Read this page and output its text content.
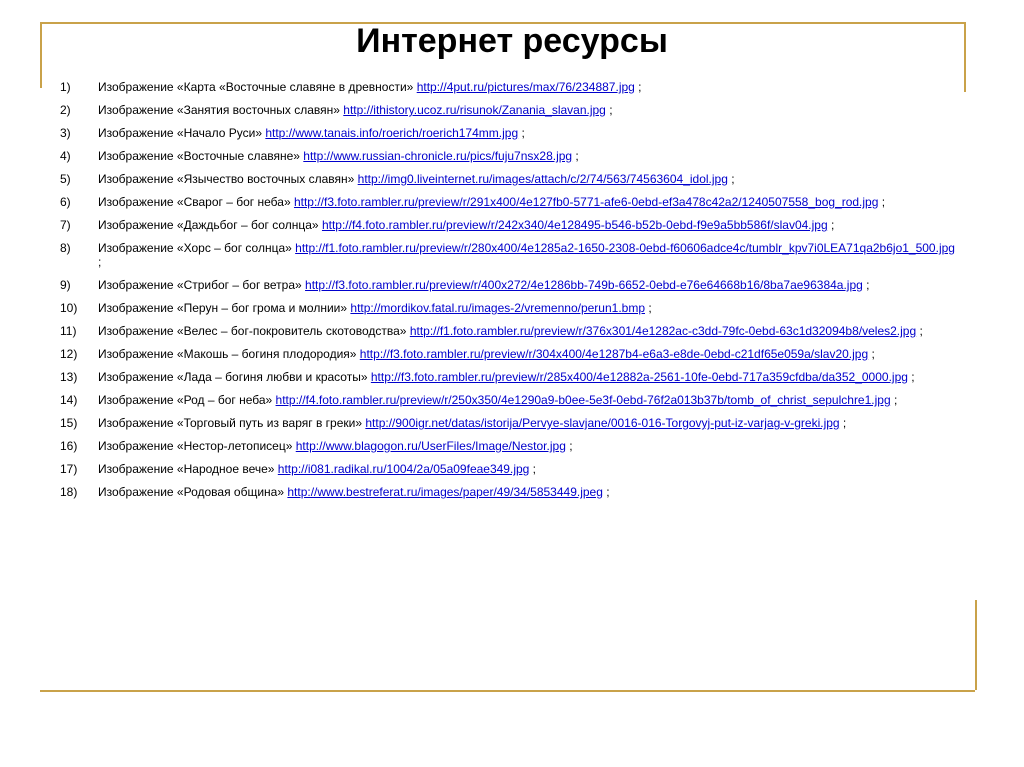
Интернет ресурсы
1) Изображение «Карта «Восточные славяне в древности» http://4put.ru/pictures/max/76/234887.jpg ;
2) Изображение «Занятия восточных славян» http://ithistory.ucoz.ru/risunok/Zanania_slavan.jpg ;
3) Изображение «Начало Руси» http://www.tanais.info/roerich/roerich174mm.jpg ;
4) Изображение «Восточные славяне» http://www.russian-chronicle.ru/pics/fuju7nsx28.jpg ;
5) Изображение «Язычество восточных славян» http://img0.liveinternet.ru/images/attach/c/2/74/563/74563604_idol.jpg ;
6) Изображение «Сварог – бог неба» http://f3.foto.rambler.ru/preview/r/291x400/4e127fb0-5771-afe6-0ebd-ef3a478c42a2/1240507558_bog_rod.jpg ;
7) Изображение «Даждьбог – бог солнца» http://f4.foto.rambler.ru/preview/r/242x340/4e128495-b546-b52b-0ebd-f9e9a5bb586f/slav04.jpg ;
8) Изображение «Хорс – бог солнца» http://f1.foto.rambler.ru/preview/r/280x400/4e1285a2-1650-2308-0ebd-f60606adce4c/tumblr_kpv7i0LEA71qa2b6jo1_500.jpg ;
9) Изображение «Стрибог – бог ветра» http://f3.foto.rambler.ru/preview/r/400x272/4e1286bb-749b-6652-0ebd-e76e64668b16/8ba7ae96384a.jpg ;
10) Изображение «Перун – бог грома и молнии» http://mordikov.fatal.ru/images-2/vremenno/perun1.bmp ;
11) Изображение «Велес – бог-покровитель скотоводства» http://f1.foto.rambler.ru/preview/r/376x301/4e1282ac-c3dd-79fc-0ebd-63c1d32094b8/veles2.jpg ;
12) Изображение «Макошь – богиня плодородия» http://f3.foto.rambler.ru/preview/r/304x400/4e1287b4-e6a3-e8de-0ebd-c21df65e059a/slav20.jpg ;
13) Изображение «Лада – богиня любви и красоты» http://f3.foto.rambler.ru/preview/r/285x400/4e12882a-2561-10fe-0ebd-717a359cfdba/da352_0000.jpg ;
14) Изображение «Род – бог неба» http://f4.foto.rambler.ru/preview/r/250x350/4e1290a9-b0ee-5e3f-0ebd-76f2a013b37b/tomb_of_christ_sepulchre1.jpg ;
15) Изображение «Торговый путь из варяг в греки» http://900igr.net/datas/istorija/Pervye-slavjane/0016-016-Torgovyj-put-iz-varjag-v-greki.jpg ;
16) Изображение «Нестор-летописец» http://www.blagogon.ru/UserFiles/Image/Nestor.jpg ;
17) Изображение «Народное вече» http://i081.radikal.ru/1004/2a/05a09feae349.jpg ;
18) Изображение «Родовая община» http://www.bestreferat.ru/images/paper/49/34/5853449.jpeg ;
